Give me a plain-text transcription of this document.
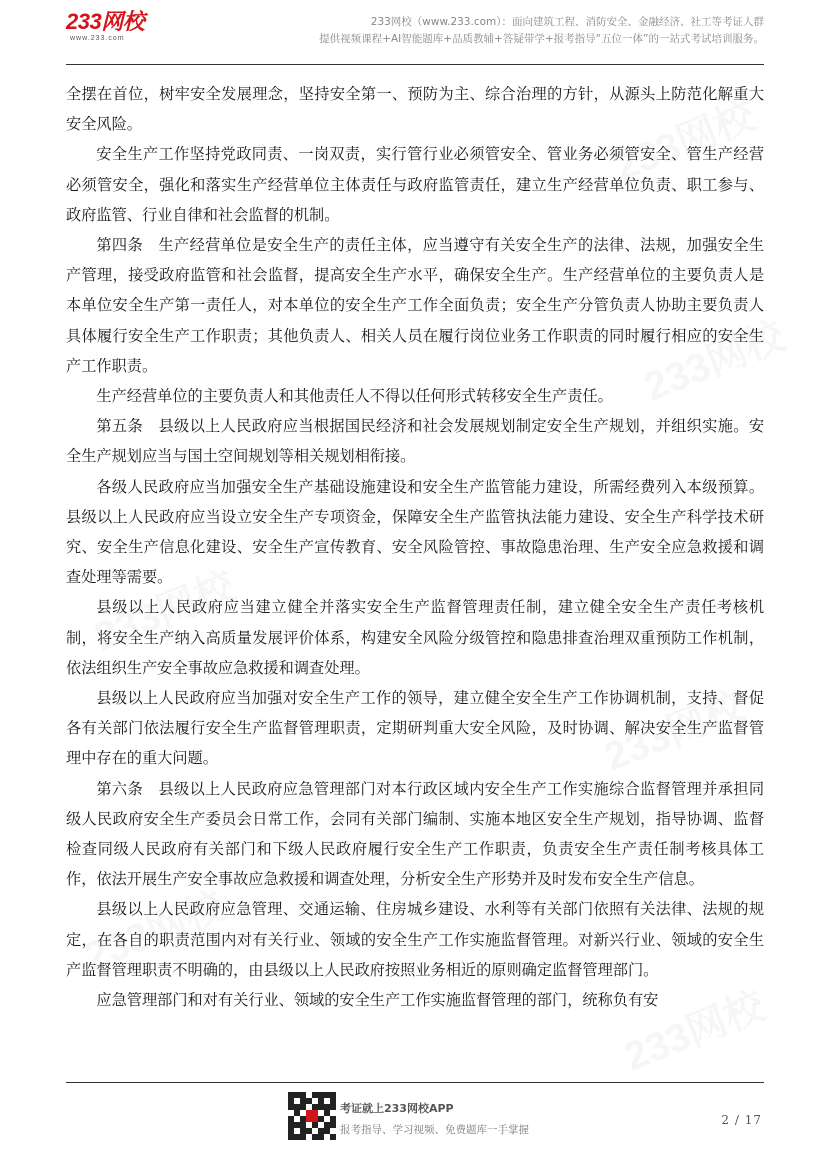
233网校
www.233.com
233网校（www.233.com）：面向建筑工程、消防安全、金融经济、社工等考证人群
提供视频课程+AI智能题库+品质教辅+答疑带学+报考指导“五位一体”的一站式考试培训服务。

全摆在首位，树牢安全发展理念，坚持安全第一、预防为主、综合治理的方针，从源头上防范化解重大安全风险。

安全生产工作坚持党政同责、一岗双责，实行管行业必须管安全、管业务必须管安全、管生产经营必须管安全，强化和落实生产经营单位主体责任与政府监管责任，建立生产经营单位负责、职工参与、政府监管、行业自律和社会监督的机制。

第四条　生产经营单位是安全生产的责任主体，应当遵守有关安全生产的法律、法规，加强安全生产管理，接受政府监管和社会监督，提高安全生产水平，确保安全生产。生产经营单位的主要负责人是本单位安全生产第一责任人，对本单位的安全生产工作全面负责；安全生产分管负责人协助主要负责人具体履行安全生产工作职责；其他负责人、相关人员在履行岗位业务工作职责的同时履行相应的安全生产工作职责。

生产经营单位的主要负责人和其他责任人不得以任何形式转移安全生产责任。

第五条　县级以上人民政府应当根据国民经济和社会发展规划制定安全生产规划，并组织实施。安全生产规划应当与国土空间规划等相关规划相衔接。

各级人民政府应当加强安全生产基础设施建设和安全生产监管能力建设，所需经费列入本级预算。县级以上人民政府应当设立安全生产专项资金，保障安全生产监管执法能力建设、安全生产科学技术研究、安全生产信息化建设、安全生产宣传教育、安全风险管控、事故隐患治理、生产安全应急救援和调查处理等需要。

县级以上人民政府应当建立健全并落实安全生产监督管理责任制，建立健全安全生产责任考核机制，将安全生产纳入高质量发展评价体系，构建安全风险分级管控和隐患排查治理双重预防工作机制，依法组织生产安全事故应急救援和调查处理。

县级以上人民政府应当加强对安全生产工作的领导，建立健全安全生产工作协调机制，支持、督促各有关部门依法履行安全生产监督管理职责，定期研判重大安全风险，及时协调、解决安全生产监督管理中存在的重大问题。

第六条　县级以上人民政府应急管理部门对本行政区域内安全生产工作实施综合监督管理并承担同级人民政府安全生产委员会日常工作，会同有关部门编制、实施本地区安全生产规划，指导协调、监督检查同级人民政府有关部门和下级人民政府履行安全生产工作职责，负责安全生产责任制考核具体工作，依法开展生产安全事故应急救援和调查处理，分析安全生产形势并及时发布安全生产信息。

县级以上人民政府应急管理、交通运输、住房城乡建设、水利等有关部门依照有关法律、法规的规定，在各自的职责范围内对有关行业、领域的安全生产工作实施监督管理。对新兴行业、领域的安全生产监督管理职责不明确的，由县级以上人民政府按照业务相近的原则确定监督管理部门。

应急管理部门和对有关行业、领域的安全生产工作实施监督管理的部门，统称负有安

考证就上233网校APP
报考指导、学习视频、免费题库一手掌握
2 / 17
